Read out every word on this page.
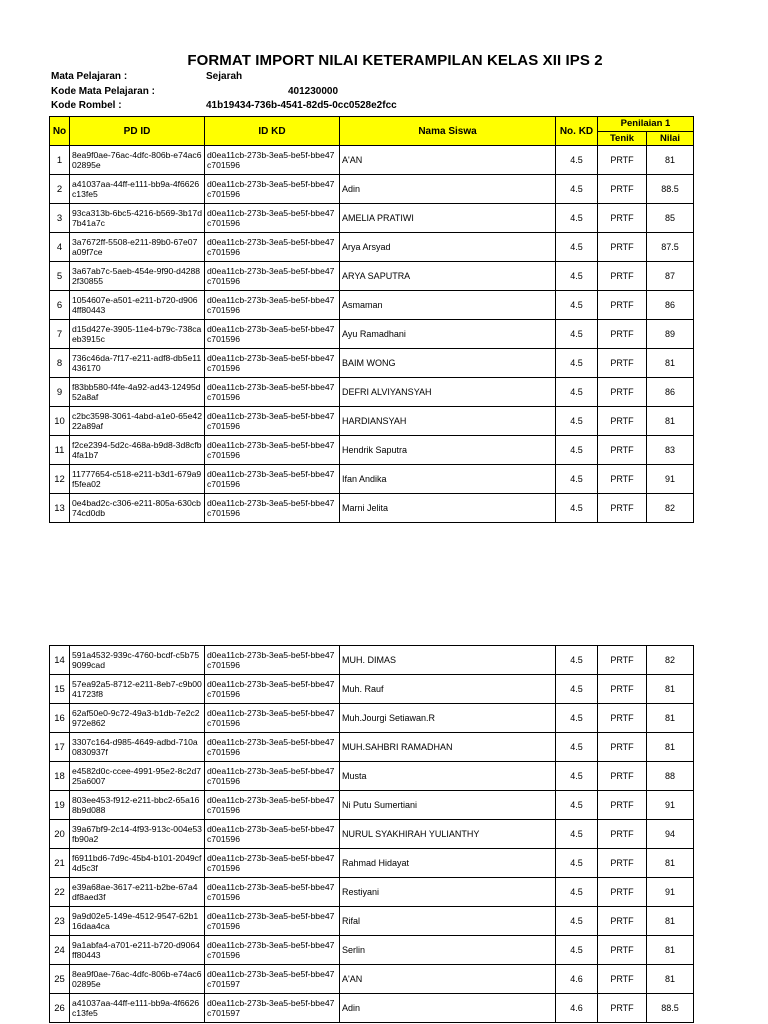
FORMAT IMPORT NILAI KETERAMPILAN KELAS XII IPS 2
Mata Pelajaran :	Sejarah
Kode Mata Pelajaran :	401230000
Kode Rombel :	41b19434-736b-4541-82d5-0cc0528e2fcc
No	PD ID	ID KD	Nama Siswa	No. KD	Penilaian 1	
					Tenik	Nilai
1	8ea9f0ae-76ac-4dfc-806b-e74ac602895e	d0ea11cb-273b-3ea5-be5f-bbe47c701596	A'AN	4.5	PRTF	81
2	a41037aa-44ff-e111-bb9a-4f6626c13fe5	d0ea11cb-273b-3ea5-be5f-bbe47c701596	Adin	4.5	PRTF	88.5
3	93ca313b-6bc5-4216-b569-3b17d7b41a7c	d0ea11cb-273b-3ea5-be5f-bbe47c701596	AMELIA PRATIWI	4.5	PRTF	85
4	3a7672ff-5508-e211-89b0-67e07a09f7ce	d0ea11cb-273b-3ea5-be5f-bbe47c701596	Arya Arsyad	4.5	PRTF	87.5
5	3a67ab7c-5aeb-454e-9f90-d42882f30855	d0ea11cb-273b-3ea5-be5f-bbe47c701596	ARYA SAPUTRA	4.5	PRTF	87
6	1054607e-a501-e211-b720-d9064ff80443	d0ea11cb-273b-3ea5-be5f-bbe47c701596	Asmaman	4.5	PRTF	86
7	d15d427e-3905-11e4-b79c-738caeb3915c	d0ea11cb-273b-3ea5-be5f-bbe47c701596	Ayu Ramadhani	4.5	PRTF	89
8	736c46da-7f17-e211-adf8-db5e11436170	d0ea11cb-273b-3ea5-be5f-bbe47c701596	BAIM WONG	4.5	PRTF	81
9	f83bb580-f4fe-4a92-ad43-12495d52a8af	d0ea11cb-273b-3ea5-be5f-bbe47c701596	DEFRI ALVIYANSYAH	4.5	PRTF	86
10	c2bc3598-3061-4abd-a1e0-65e4222a89af	d0ea11cb-273b-3ea5-be5f-bbe47c701596	HARDIANSYAH	4.5	PRTF	81
11	f2ce2394-5d2c-468a-b9d8-3d8cfb4fa1b7	d0ea11cb-273b-3ea5-be5f-bbe47c701596	Hendrik Saputra	4.5	PRTF	83
12	11777654-c518-e211-b3d1-679a9f5fea02	d0ea11cb-273b-3ea5-be5f-bbe47c701596	Ifan Andika	4.5	PRTF	91
13	0e4bad2c-c306-e211-805a-630cb74cd0db	d0ea11cb-273b-3ea5-be5f-bbe47c701596	Marni Jelita	4.5	PRTF	82
14	591a4532-939c-4760-bcdf-c5b759099cad	d0ea11cb-273b-3ea5-be5f-bbe47c701596	MUH. DIMAS	4.5	PRTF	82
15	57ea92a5-8712-e211-8eb7-c9b0041723f8	d0ea11cb-273b-3ea5-be5f-bbe47c701596	Muh. Rauf	4.5	PRTF	81
16	62af50e0-9c72-49a3-b1db-7e2c2972e862	d0ea11cb-273b-3ea5-be5f-bbe47c701596	Muh.Jourgi Setiawan.R	4.5	PRTF	81
17	3307c164-d985-4649-adbd-710a0830937f	d0ea11cb-273b-3ea5-be5f-bbe47c701596	MUH.SAHBRI RAMADHAN	4.5	PRTF	81
18	e4582d0c-ccee-4991-95e2-8c2d725a6007	d0ea11cb-273b-3ea5-be5f-bbe47c701596	Musta	4.5	PRTF	88
19	803ee453-f912-e211-bbc2-65a168b9d088	d0ea11cb-273b-3ea5-be5f-bbe47c701596	Ni Putu Sumertiani	4.5	PRTF	91
20	39a67bf9-2c14-4f93-913c-004e53fb90a2	d0ea11cb-273b-3ea5-be5f-bbe47c701596	NURUL SYAKHIRAH YULIANTHY	4.5	PRTF	94
21	f6911bd6-7d9c-45b4-b101-2049cf4d5c3f	d0ea11cb-273b-3ea5-be5f-bbe47c701596	Rahmad Hidayat	4.5	PRTF	81
22	e39a68ae-3617-e211-b2be-67a4df8aed3f	d0ea11cb-273b-3ea5-be5f-bbe47c701596	Restiyani	4.5	PRTF	91
23	9a9d02e5-149e-4512-9547-62b116daa4ca	d0ea11cb-273b-3ea5-be5f-bbe47c701596	Rifal	4.5	PRTF	81
24	9a1abfa4-a701-e211-b720-d9064ff80443	d0ea11cb-273b-3ea5-be5f-bbe47c701596	Serlin	4.5	PRTF	81
25	8ea9f0ae-76ac-4dfc-806b-e74ac602895e	d0ea11cb-273b-3ea5-be5f-bbe47c701597	A'AN	4.6	PRTF	81
26	a41037aa-44ff-e111-bb9a-4f6626c13fe5	d0ea11cb-273b-3ea5-be5f-bbe47c701597	Adin	4.6	PRTF	88.5
